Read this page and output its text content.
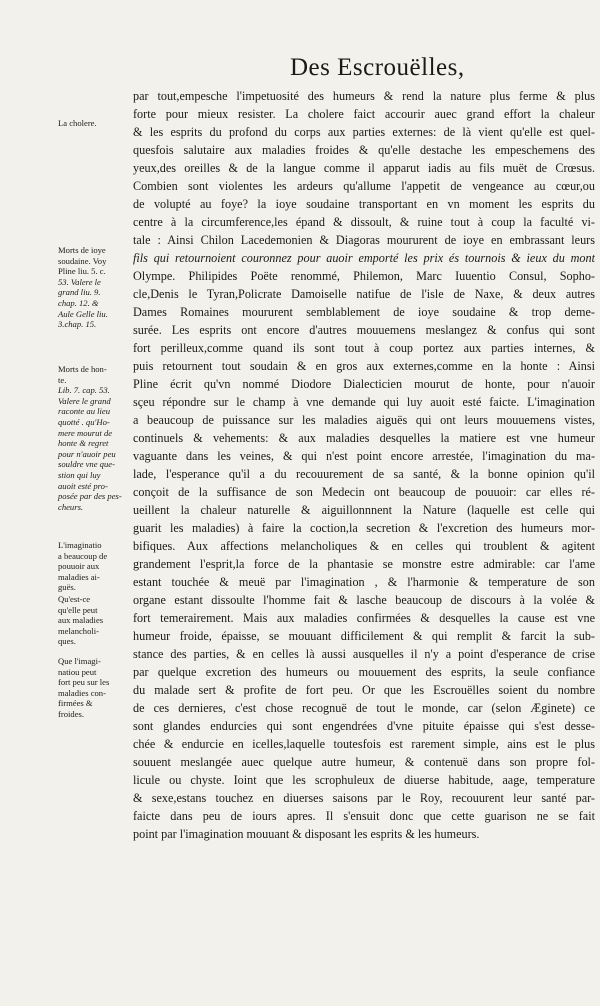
Des Escrouëlles,
par tout,empesche l'impetuosité des humeurs & rend la nature plus ferme & plus
forte pour mieux resister. La cholere faict accourir auec grand effort la chaleur
& les esprits du profond du corps aux parties externes: de là vient qu'elle est quel-
quesfois salutaire aux maladies froides & qu'elle destache les empeschemens des
yeux,des oreilles & de la langue comme il apparut iadis au fils muët de Crœsus.
Combien sont violentes les ardeurs qu'allume l'appetit de vengeance au cœur,ou
de volupté au foye? la ioye soudaine transportant en vn moment les esprits du
centre à la circumference,les épand & dissoult, & ruine tout à coup la faculté vi-
tale : Ainsi Chilon Lacedemonien & Diagoras moururent de ioye en embrassant leurs
fils qui retournoient couronnez pour auoir emporté les prix és tournois & ieux du mont
Olympe. Philipides Poëte renommé, Philemon, Marc Iuuentio Consul, Sopho-
cle,Denis le Tyran,Policrate Damoiselle natifue de l'isle de Naxe, & deux autres
Dames Romaines moururent semblablement de ioye soudaine & trop deme-
surée. Les esprits ont encore d'autres mouuemens meslangez & confus qui sont
fort perilleux,comme quand ils sont tout à coup portez aux parties internes, &
puis retournent tout soudain & en gros aux externes,comme en la honte : Ainsi
Pline écrit qu'vn nommé Diodore Dialecticien mourut de honte, pour n'auoir
sçeu répondre sur le champ à vne demande qui luy auoit esté faicte. L'imagination
a beaucoup de puissance sur les maladies aiguës qui ont leurs mouuemens vistes,
continuels & vehements: & aux maladies desquelles la matiere est vne humeur
vaguante dans les veines, & qui n'est point encore arrestée, l'imagination du ma-
lade, l'esperance qu'il a du recouurement de sa santé, & la bonne opinion qu'il
conçoit de la suffisance de son Medecin ont beaucoup de pouuoir: car elles ré-
ueillent la chaleur naturelle & aiguillonnnent la Nature (laquelle est celle qui
guarit les maladies) à faire la coction,la secretion & l'excretion des humeurs mor-
bifiques. Aux affections melancholiques & en celles qui troublent & agitent
grandement l'esprit,la force de la phantasie se monstre estre admirable: car l'ame
estant touchée & meuë par l'imagination , & l'harmonie & temperature de son
organe estant dissoulte l'homme fait & lasche beaucoup de discours à la volée &
fort temerairement. Mais aux maladies confirmées & desquelles la cause est vne
humeur froide, épaisse, se mouuant difficilement & qui remplit & farcit la sub-
stance des parties, & en celles là aussi ausquelles il n'y a point d'esperance de crise
par quelque excretion des humeurs ou mouuement des esprits, la seule confiance
du malade sert & profite de fort peu. Or que les Escrouëlles soient du nombre
de ces dernieres, c'est chose recognuë de tout le monde, car (selon Æginete) ce
sont glandes endurcies qui sont engendrées d'vne pituite épaisse qui s'est desse-
chée & endurcie en icelles,laquelle toutesfois est rarement simple, ains est le plus
souuent meslangée auec quelque autre humeur, & contenuë dans son propre fol-
licule ou chyste. Ioint que les scrophuleux de diuerse habitude, aage, temperature
& sexe,estans touchez en diuerses saisons par le Roy, recouurent leur santé par-
faicte dans peu de iours apres. Il s'ensuit donc que cette guarison ne se fait
point par l'imagination mouuant & disposant les esprits & les humeurs.
La cholere.
Morts de ioye
soudaine. Voy
Pline liu. 5. c.
53. Valere le
grand liu. 9.
chap. 12. &
Aule Gelle liu.
3.chap. 15.
Morts de hon-
te.
Lib. 7. cap. 53.
Valere le grand
raconte au lieu
quotté . qu'Ho-
mere mourut de
honte & regret
pour n'auoir peu
souldre vne que-
stion qui luy
auoit esté pro-
posée par des pes-
cheurs.
L'imaginatio
a beaucoup de
pouuoir aux
maladies ai-
guës.
Qu'est-ce
qu'elle peut
aux maladies
melancholi-
ques.
Que l'imagi-
natiou peut
fort peu sur les
maladies con-
firmées &
froides.
